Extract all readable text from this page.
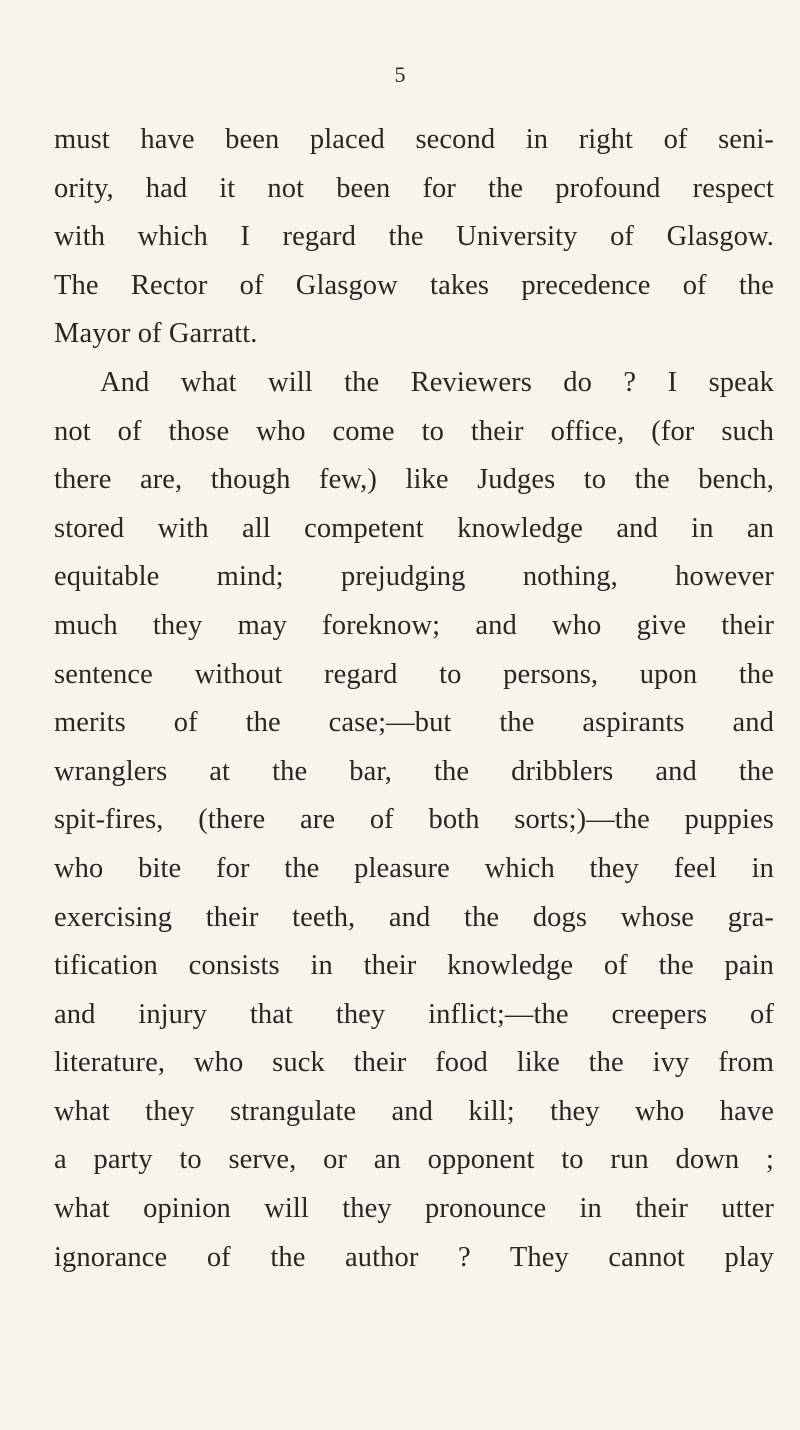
5
must have been placed second in right of seni-
ority, had it not been for the profound respect
with which I regard the University of Glasgow.
The Rector of Glasgow takes precedence of the
Mayor of Garratt.
And what will the Reviewers do ? I speak
not of those who come to their office, (for such
there are, though few,) like Judges to the bench,
stored with all competent knowledge and in an
equitable mind; prejudging nothing, however
much they may foreknow; and who give their
sentence without regard to persons, upon the
merits of the case;—but the aspirants and
wranglers at the bar, the dribblers and the
spit-fires, (there are of both sorts;)—the puppies
who bite for the pleasure which they feel in
exercising their teeth, and the dogs whose gra-
tification consists in their knowledge of the pain
and injury that they inflict;—the creepers of
literature, who suck their food like the ivy from
what they strangulate and kill; they who have
a party to serve, or an opponent to run down ;
what opinion will they pronounce in their utter
ignorance of the author ? They cannot play
